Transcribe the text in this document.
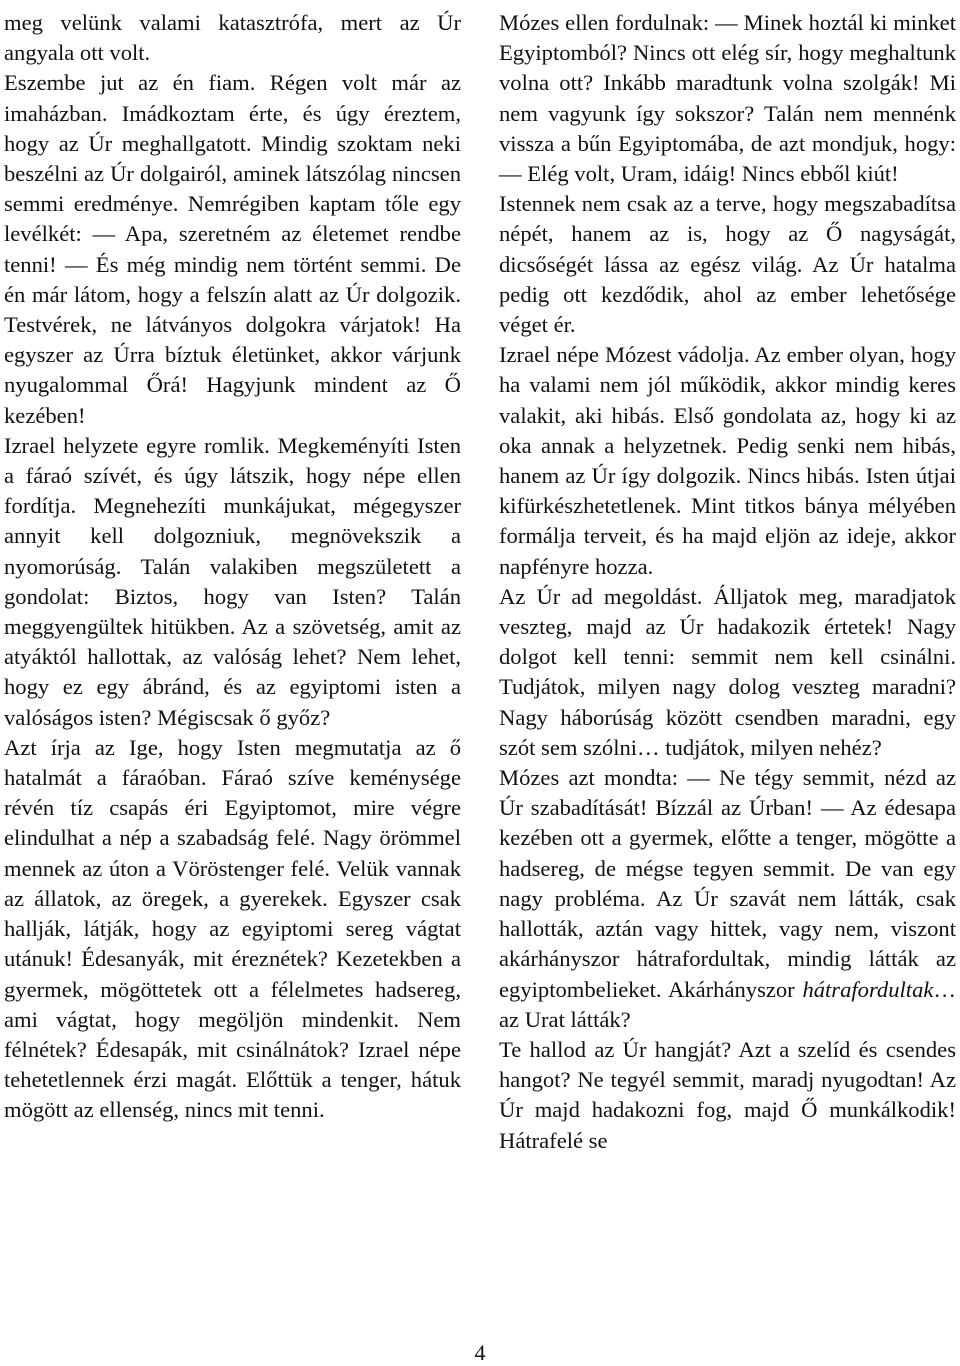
meg velünk valami katasztrófa, mert az Úr angyala ott volt.

Eszembe jut az én fiam. Régen volt már az imaházban. Imádkoztam érte, és úgy éreztem, hogy az Úr meghallgatott. Mindig szoktam neki beszélni az Úr dolgairól, aminek látszólag nincsen semmi eredménye. Nemrégiben kaptam tőle egy levélkét: — Apa, szeretném az életemet rendbe tenni! — És még mindig nem történt semmi. De én már látom, hogy a felszín alatt az Úr dolgozik. Testvérek, ne látványos dolgokra várjatok! Ha egyszer az Úrra bíztuk életünket, akkor várjunk nyugalommal Őrá! Hagyjunk mindent az Ő kezében!

Izrael helyzete egyre romlik. Megkeményíti Isten a fáraó szívét, és úgy látszik, hogy népe ellen fordítja. Megnehezíti munkájukat, mégegyszer annyit kell dolgozniuk, megnövekszik a nyomorúság. Talán valakiben megszületett a gondolat: Biztos, hogy van Isten? Talán meggyengültek hitükben. Az a szövetség, amit az atyáktól hallottak, az valóság lehet? Nem lehet, hogy ez egy ábránd, és az egyiptomi isten a valóságos isten? Mégiscsak ő győz?

Azt írja az Ige, hogy Isten megmutatja az ő hatalmát a fáraóban. Fáraó szíve keménysége révén tíz csapás éri Egyiptomot, mire végre elindulhat a nép a szabadság felé. Nagy örömmel mennek az úton a Vöröstenger felé. Velük vannak az állatok, az öregek, a gyerekek. Egyszer csak hallják, látják, hogy az egyiptomi sereg vágtat utánuk! Édesanyák, mit éreznétek? Kezetekben a gyermek, mögöttetek ott a félelmetes hadsereg, ami vágtat, hogy megöljön mindenkit. Nem félnétek? Édesapák, mit csinálnátok? Izrael népe tehetetlennek érzi magát. Előttük a tenger, hátuk mögött az ellenség, nincs mit tenni.

Mózes ellen fordulnak: — Minek hoztál ki minket Egyiptomból? Nincs ott elég sír, hogy meghaltunk volna ott? Inkább maradtunk volna szolgák! Mi nem vagyunk így sokszor? Talán nem mennénk vissza a bűn Egyiptomába, de azt mondjuk, hogy: — Elég volt, Uram, idáig! Nincs ebből kiút!

Istennek nem csak az a terve, hogy megszabadítsa népét, hanem az is, hogy az Ő nagyságát, dicsőségét lássa az egész világ. Az Úr hatalma pedig ott kezdődik, ahol az ember lehetősége véget ér.

Izrael népe Mózest vádolja. Az ember olyan, hogy ha valami nem jól működik, akkor mindig keres valakit, aki hibás. Első gondolata az, hogy ki az oka annak a helyzetnek. Pedig senki nem hibás, hanem az Úr így dolgozik. Nincs hibás. Isten útjai kifürkészhetetlenek. Mint titkos bánya mélyében formálja terveit, és ha majd eljön az ideje, akkor napfényre hozza.

Az Úr ad megoldást. Álljatok meg, maradjatok veszteg, majd az Úr hadakozik értetek! Nagy dolgot kell tenni: semmit nem kell csinálni. Tudjátok, milyen nagy dolog veszteg maradni? Nagy háborúság között csendben maradni, egy szót sem szólni… tudjátok, milyen nehéz?

Mózes azt mondta: — Ne tégy semmit, nézd az Úr szabadítását! Bízzál az Úrban! — Az édesapa kezében ott a gyermek, előtte a tenger, mögötte a hadsereg, de mégse tegyen semmit. De van egy nagy probléma. Az Úr szavát nem látták, csak hallották, aztán vagy hittek, vagy nem, viszont akárhányszor hátrafordultak, mindig látták az egyiptombelieket. Akárhányszor hátrafordultak… az Urat látták?

Te hallod az Úr hangját? Azt a szelíd és csendes hangot? Ne tegyél semmit, maradj nyugodtan! Az Úr majd hadakozni fog, majd Ő munkálkodik! Hátrafelé se

4
